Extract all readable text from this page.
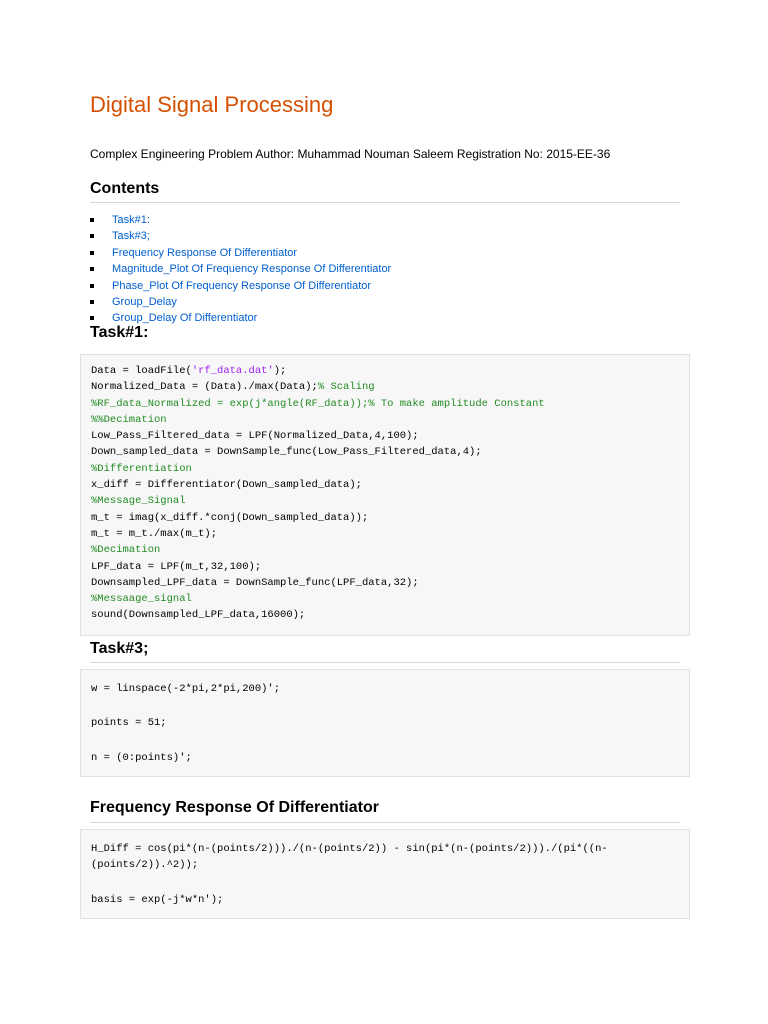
Digital Signal Processing

Complex Engineering Problem Author: Muhammad Nouman Saleem Registration No: 2015-EE-36

Contents
Task#1:
Task#3;
Frequency Response Of Differentiator
Magnitude_Plot Of Frequency Response Of Differentiator
Phase_Plot Of Frequency Response Of Differentiator
Group_Delay
Group_Delay Of Differentiator
Task#1:
Data = loadFile('rf_data.dat');
Normalized_Data = (Data)./max(Data);% Scaling
%RF_data_Normalized = exp(j*angle(RF_data));% To make amplitude Constant
%%Decimation
Low_Pass_Filtered_data = LPF(Normalized_Data,4,100);
Down_sampled_data = DownSample_func(Low_Pass_Filtered_data,4);
%Differentiation
x_diff = Differentiator(Down_sampled_data);
%Message_Signal
m_t = imag(x_diff.*conj(Down_sampled_data));
m_t = m_t./max(m_t);
%Decimation
LPF_data = LPF(m_t,32,100);
Downsampled_LPF_data = DownSample_func(LPF_data,32);
%Messaage_signal
sound(Downsampled_LPF_data,16000);
Task#3;
w = linspace(-2*pi,2*pi,200)';
points = 51;
n = (0:points)';
Frequency Response Of Differentiator
H_Diff = cos(pi*(n-(points/2)))./(n-(points/2)) - sin(pi*(n-(points/2)))./(pi*((n-
(points/2)).^2));
basis = exp(-j*w*n');
